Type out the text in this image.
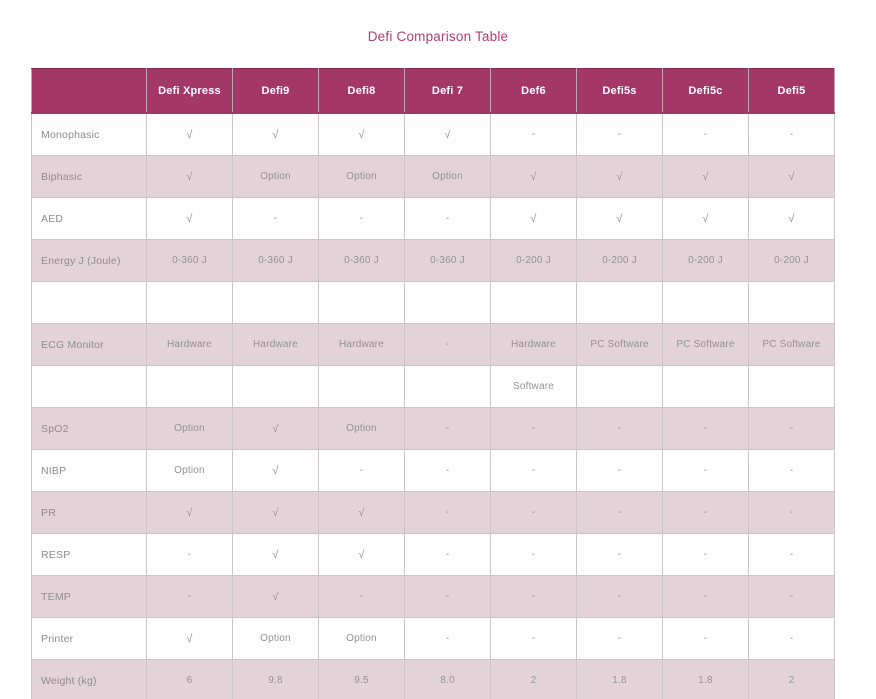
Defi Comparison Table
	Defi Xpress	Defi9	Defi8	Defi 7	Def6	Defi5s	Defi5c	Defi5
Monophasic	√	√	√	√	-	-	-	-
Biphasic	√	Option	Option	Option	√	√	√	√
AED	√	-	-	-	√	√	√	√
Energy J (Joule)	0-360 J	0-360 J	0-360 J	0-360 J	0-200 J	0-200 J	0-200 J	0-200 J

ECG Monitor	Hardware	Hardware	Hardware	-	Hardware	PC Software	PC Software	PC Software
					Software			
SpO2	Option	√	Option	-	-	-	-	-
NIBP	Option	√	-	-	-	-	-	-
PR	√	√	√	-	-	-	-	-
RESP	-	√	√	-	-	-	-	-
TEMP	-	√	-	-	-	-	-	-
Printer	√	Option	Option	-	-	-	-	-
Weight (kg)	6	9.8	9.5	8.0	2	1.8	1.8	2
